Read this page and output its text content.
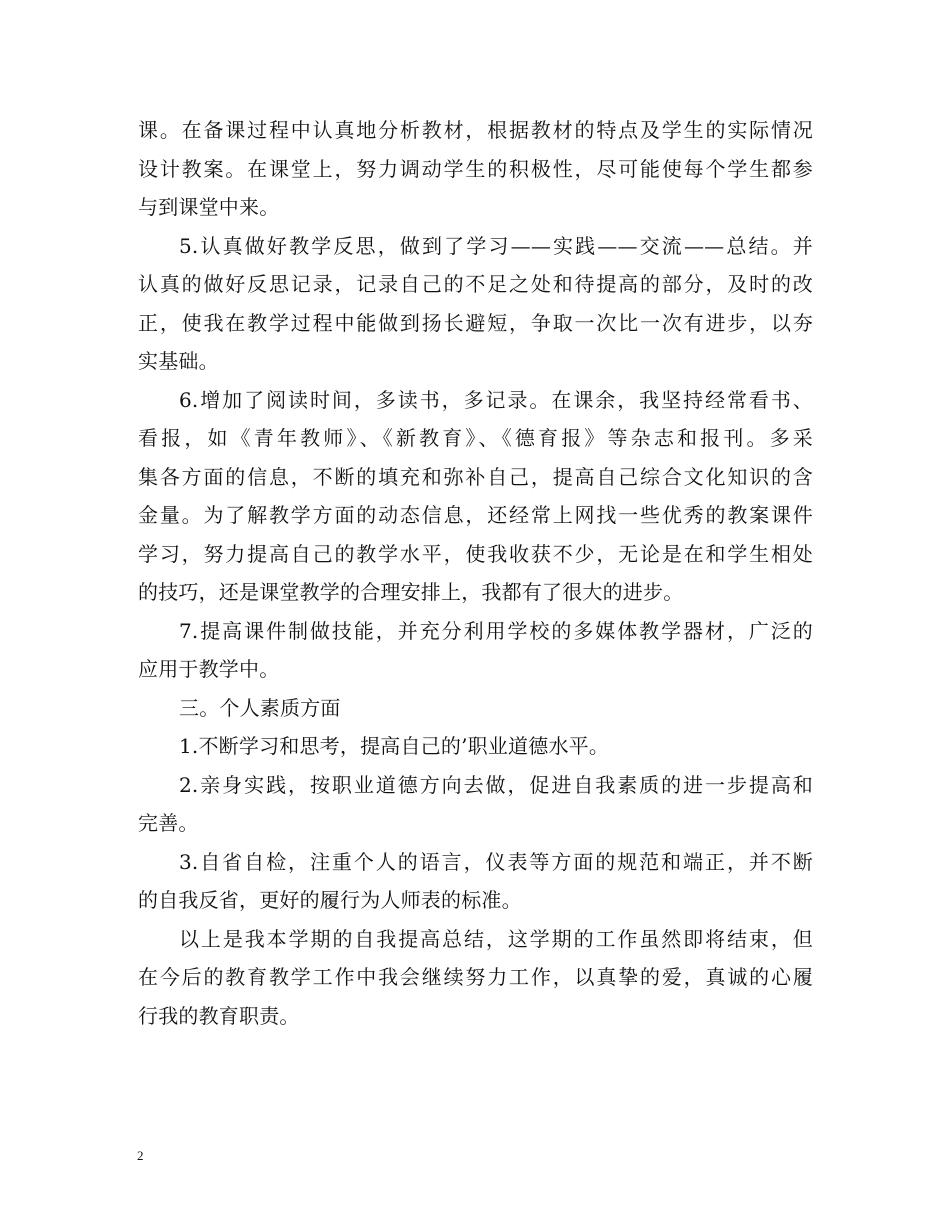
课。在备课过程中认真地分析教材，根据教材的特点及学生的实际情况
设计教案。在课堂上，努力调动学生的积极性，尽可能使每个学生都参
与到课堂中来。
5.认真做好教学反思，做到了学习——实践——交流——总结。并
认真的做好反思记录，记录自己的不足之处和待提高的部分，及时的改
正，使我在教学过程中能做到扬长避短，争取一次比一次有进步，以夯
实基础。
6.增加了阅读时间，多读书，多记录。在课余，我坚持经常看书、
看报，如《青年教师》、《新教育》、《德育报》等杂志和报刊。多采
集各方面的信息，不断的填充和弥补自己，提高自己综合文化知识的含
金量。为了解教学方面的动态信息，还经常上网找一些优秀的教案课件
学习，努力提高自己的教学水平，使我收获不少，无论是在和学生相处
的技巧，还是课堂教学的合理安排上，我都有了很大的进步。
7.提高课件制做技能，并充分利用学校的多媒体教学器材，广泛的
应用于教学中。
三。个人素质方面
1.不断学习和思考，提高自己的’职业道德水平。
2.亲身实践，按职业道德方向去做，促进自我素质的进一步提高和
完善。
3.自省自检，注重个人的语言，仪表等方面的规范和端正，并不断
的自我反省，更好的履行为人师表的标准。
以上是我本学期的自我提高总结，这学期的工作虽然即将结束，但
在今后的教育教学工作中我会继续努力工作，以真挚的爱，真诚的心履
行我的教育职责。
2
